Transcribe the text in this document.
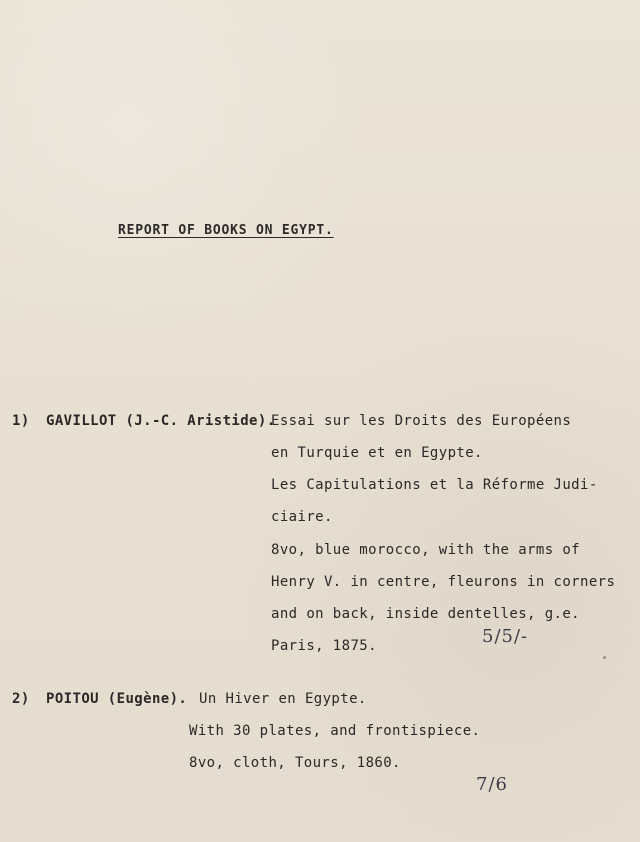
REPORT OF BOOKS ON EGYPT.
1) GAVILLOT (J.-C. Aristide).
Essai sur les Droits des Européens
en Turquie et en Egypte.
Les Capitulations et la Réforme Judi-
ciaire.
8vo, blue morocco, with the arms of
Henry V. in centre, fleurons in corners
and on back, inside dentelles, g.e.
Paris, 1875.	5/5/-
2) POITOU (Eugène). Un Hiver en Egypte.
With 30 plates, and frontispiece.
8vo, cloth, Tours, 1860.
7/6
